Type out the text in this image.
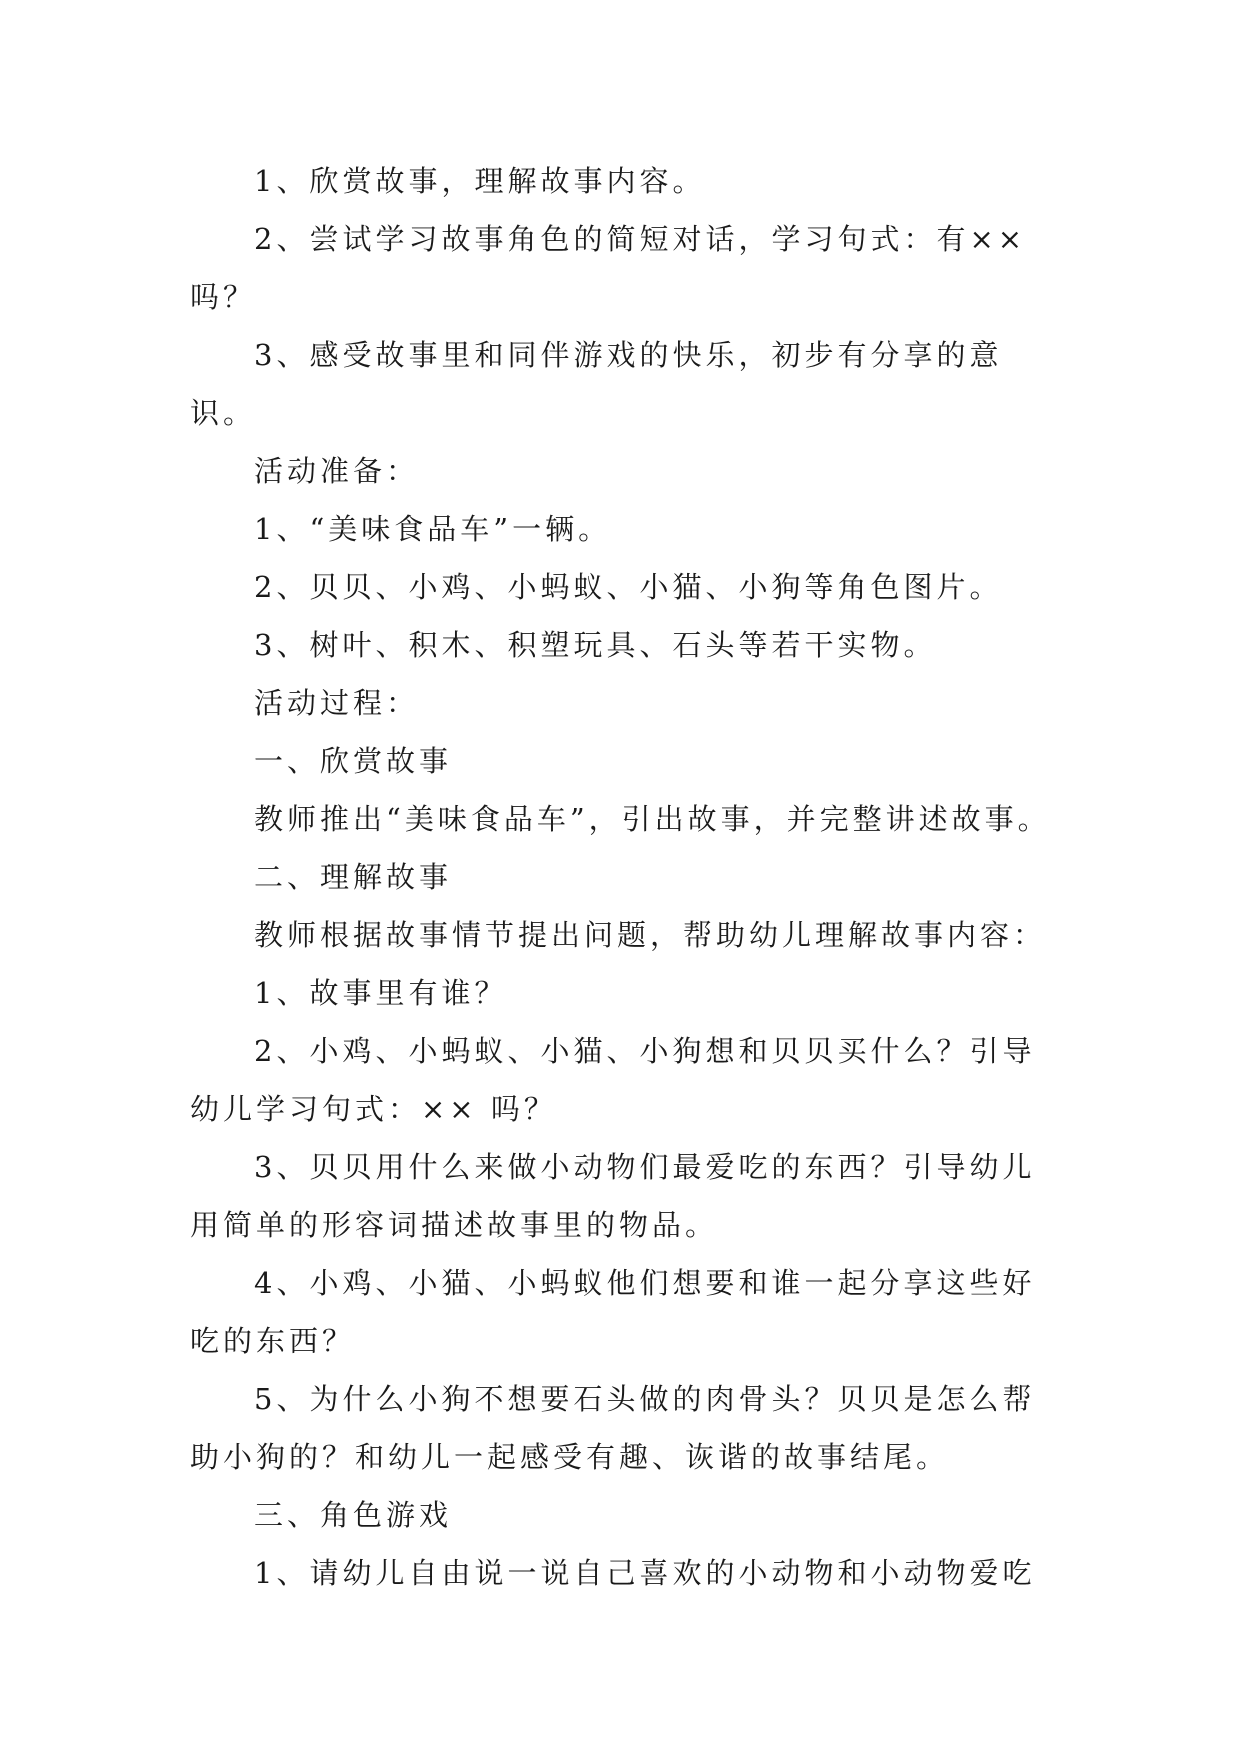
1、欣赏故事，理解故事内容。

2、尝试学习故事角色的简短对话，学习句式：有××吗？

3、感受故事里和同伴游戏的快乐，初步有分享的意识。

活动准备：

1、“美味食品车”一辆。

2、贝贝、小鸡、小蚂蚁、小猫、小狗等角色图片。

3、树叶、积木、积塑玩具、石头等若干实物。

活动过程：

一、欣赏故事

教师推出“美味食品车”，引出故事，并完整讲述故事。

二、理解故事

教师根据故事情节提出问题，帮助幼儿理解故事内容：

1、故事里有谁？

2、小鸡、小蚂蚁、小猫、小狗想和贝贝买什么？引导幼儿学习句式：×× 吗？

3、贝贝用什么来做小动物们最爱吃的东西？引导幼儿用简单的形容词描述故事里的物品。

4、小鸡、小猫、小蚂蚁他们想要和谁一起分享这些好吃的东西？

5、为什么小狗不想要石头做的肉骨头？贝贝是怎么帮助小狗的？和幼儿一起感受有趣、诙谐的故事结尾。

三、角色游戏

1、请幼儿自由说一说自己喜欢的小动物和小动物爱吃
